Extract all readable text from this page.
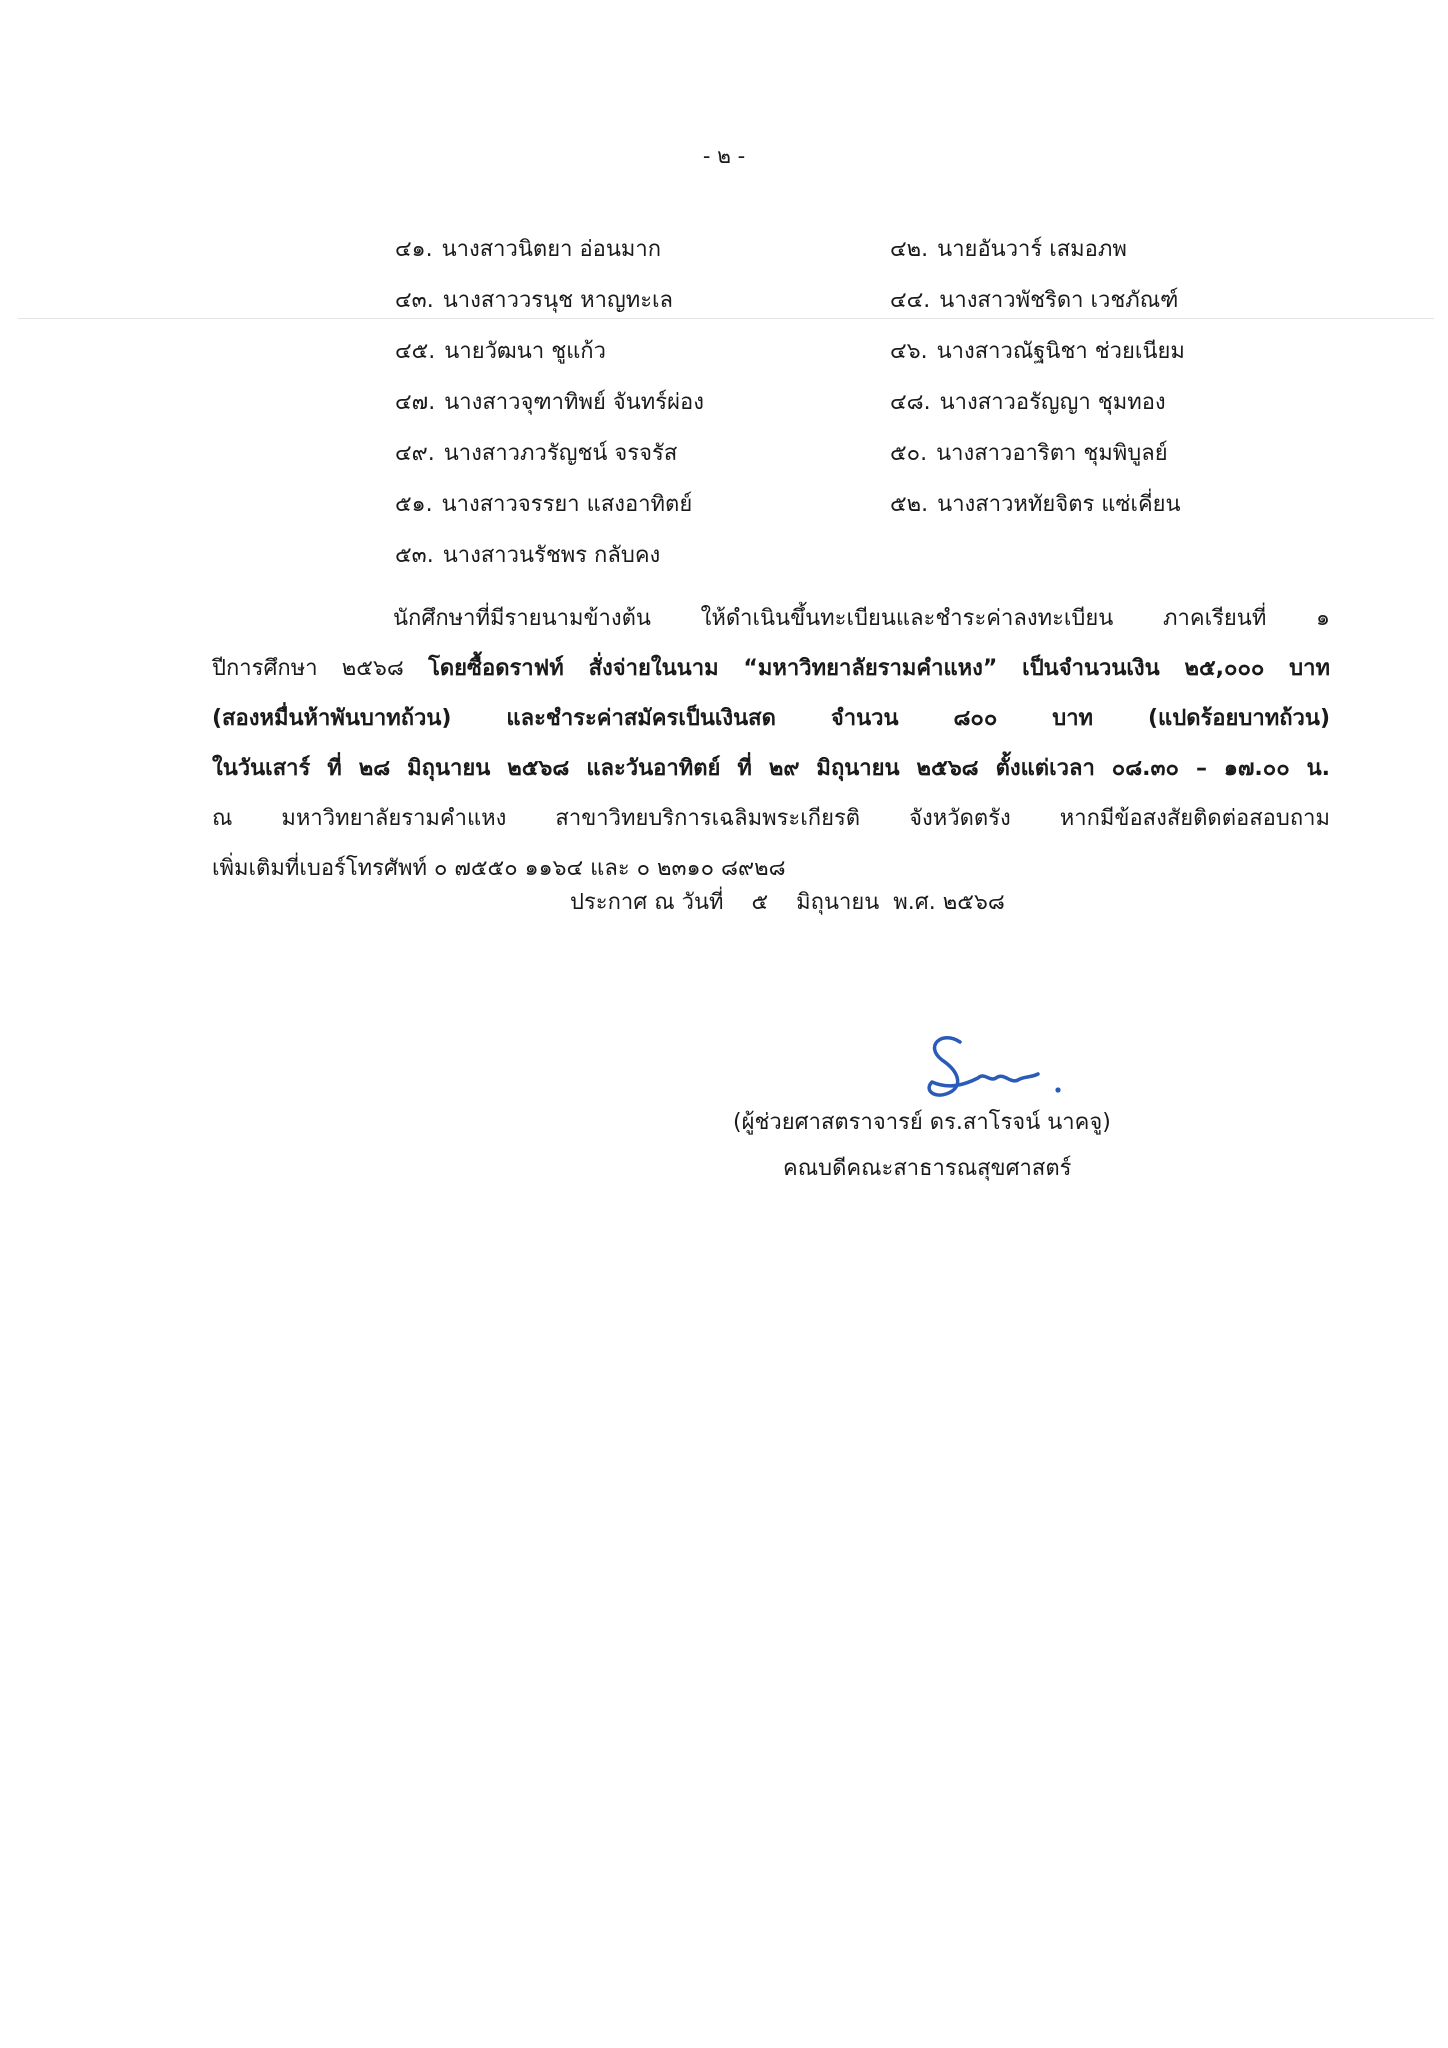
- ๒ -
๔๑. นางสาวนิตยา อ่อนมาก	๔๒. นายอันวาร์ เสมอภพ
๔๓. นางสาววรนุช หาญทะเล	๔๔. นางสาวพัชริดา เวชภัณฑ์
๔๕. นายวัฒนา ชูแก้ว	๔๖. นางสาวณัฐนิชา ช่วยเนียม
๔๗. นางสาวจุฑาทิพย์ จันทร์ผ่อง	๔๘. นางสาวอรัญญา ชุมทอง
๔๙. นางสาวภวรัญชน์ จรจรัส	๕๐. นางสาวอาริตา ชุมพิบูลย์
๕๑. นางสาวจรรยา แสงอาทิตย์	๕๒. นางสาวหทัยจิตร แซ่เคี่ยน
๕๓. นางสาวนรัชพร กลับคง
นักศึกษาที่มีรายนามข้างต้น ให้ดำเนินขึ้นทะเบียนและชำระค่าลงทะเบียน ภาคเรียนที่ ๑
ปีการศึกษา ๒๕๖๘ โดยซื้อดราฟท์ สั่งจ่ายในนาม “มหาวิทยาลัยรามคำแหง” เป็นจำนวนเงิน ๒๕,๐๐๐ บาท
(สองหมื่นห้าพันบาทถ้วน) และชำระค่าสมัครเป็นเงินสด จำนวน ๘๐๐ บาท (แปดร้อยบาทถ้วน)
ในวันเสาร์ ที่ ๒๘ มิถุนายน ๒๕๖๘ และวันอาทิตย์ ที่ ๒๙ มิถุนายน ๒๕๖๘ ตั้งแต่เวลา ๐๘.๓๐ – ๑๗.๐๐ น.
ณ มหาวิทยาลัยรามคำแหง สาขาวิทยบริการเฉลิมพระเกียรติ จังหวัดตรัง หากมีข้อสงสัยติดต่อสอบถาม
เพิ่มเติมที่เบอร์โทรศัพท์ ๐ ๗๕๕๐ ๑๑๖๔ และ ๐ ๒๓๑๐ ๘๙๒๘
ประกาศ ณ วันที่    ๕    มิถุนายน  พ.ศ. ๒๕๖๘
(ผู้ช่วยศาสตราจารย์ ดร.สาโรจน์ นาคจู)
คณบดีคณะสาธารณสุขศาสตร์
